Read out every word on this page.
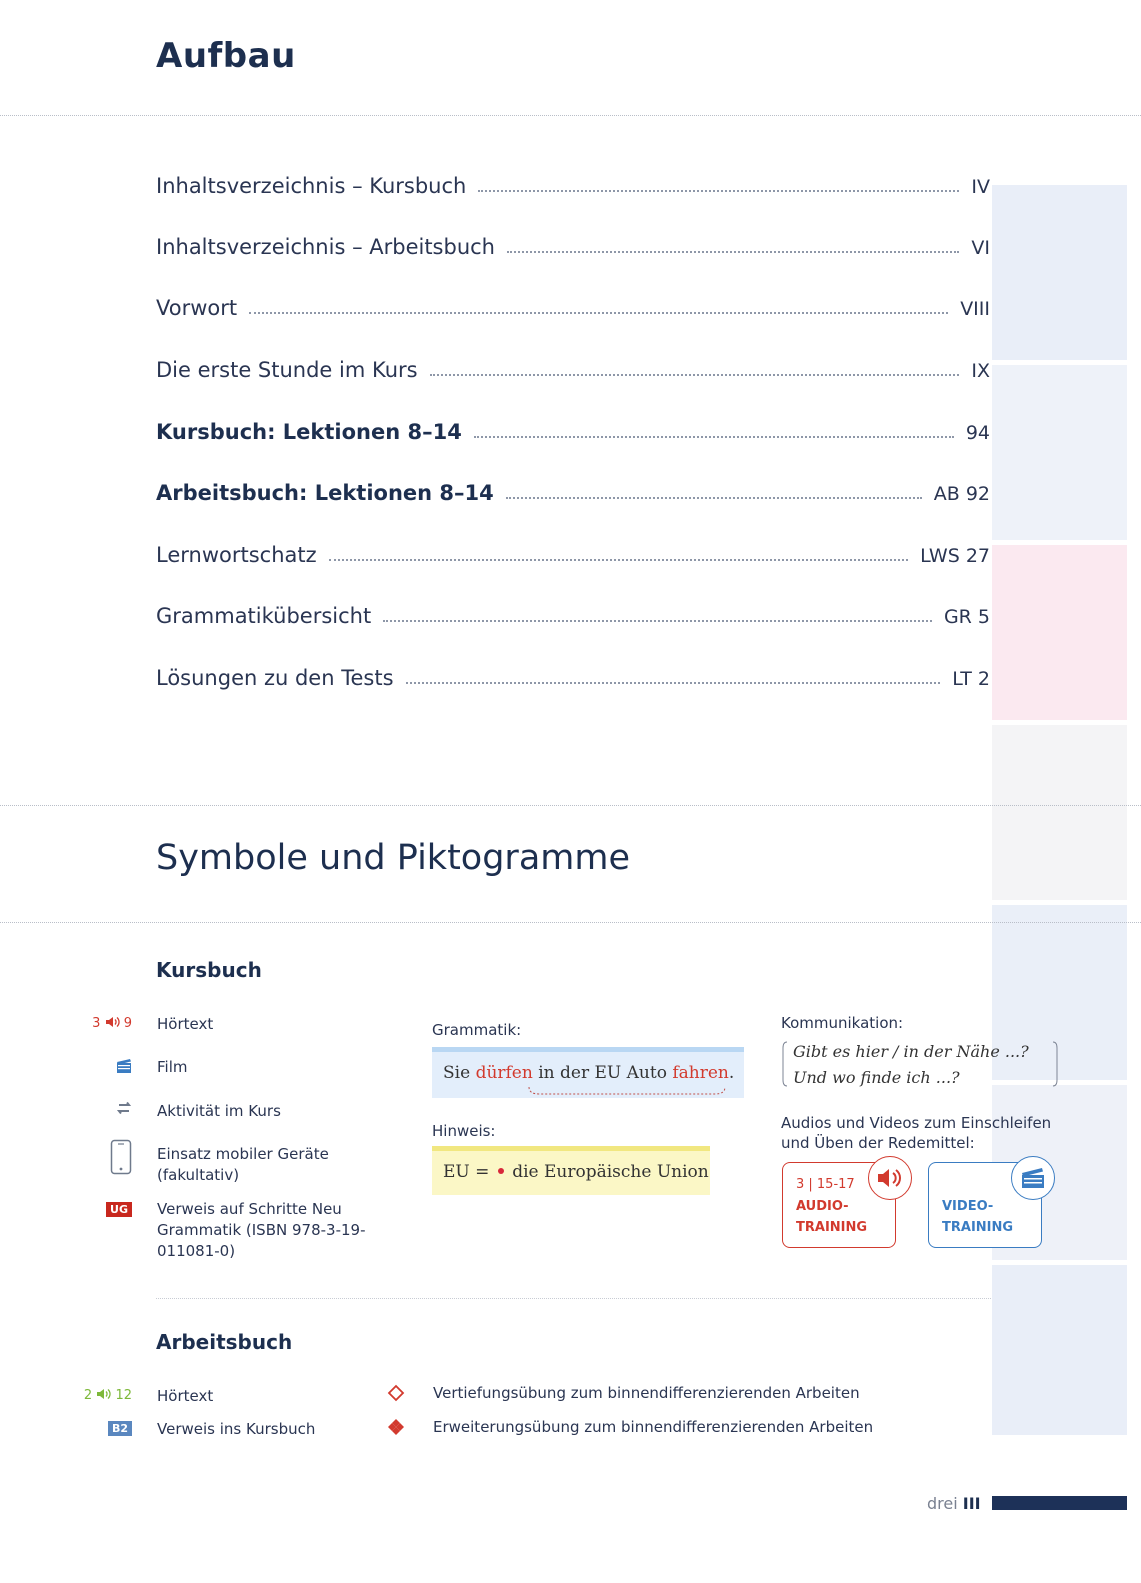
Aufbau
Inhaltsverzeichnis – Kursbuch	IV
Inhaltsverzeichnis – Arbeitsbuch	VI
Vorwort	VIII
Die erste Stunde im Kurs	IX
Kursbuch: Lektionen 8–14	94
Arbeitsbuch: Lektionen 8–14	AB 92
Lernwortschatz	LWS 27
Grammatikübersicht	GR 5
Lösungen zu den Tests	LT 2
Symbole und Piktogramme
Kursbuch
3 9 Hörtext
Film
Aktivität im Kurs
Einsatz mobiler Geräte (fakultativ)
UG Verweis auf Schritte Neu Grammatik (ISBN 978-3-19-011081-0)
Grammatik:
Sie dürfen in der EU Auto fahren.
Hinweis:
EU = die Europäische Union
Kommunikation:
Gibt es hier / in der Nähe ...?
Und wo finde ich ...?
Audios und Videos zum Einschleifen und Üben der Redemittel:
3 | 15-17
AUDIO-
TRAINING
VIDEO-
TRAINING
Arbeitsbuch
2 12 Hörtext
B2 Verweis ins Kursbuch
Vertiefungsübung zum binnendifferenzierenden Arbeiten
Erweiterungsübung zum binnendifferenzierenden Arbeiten
drei III
